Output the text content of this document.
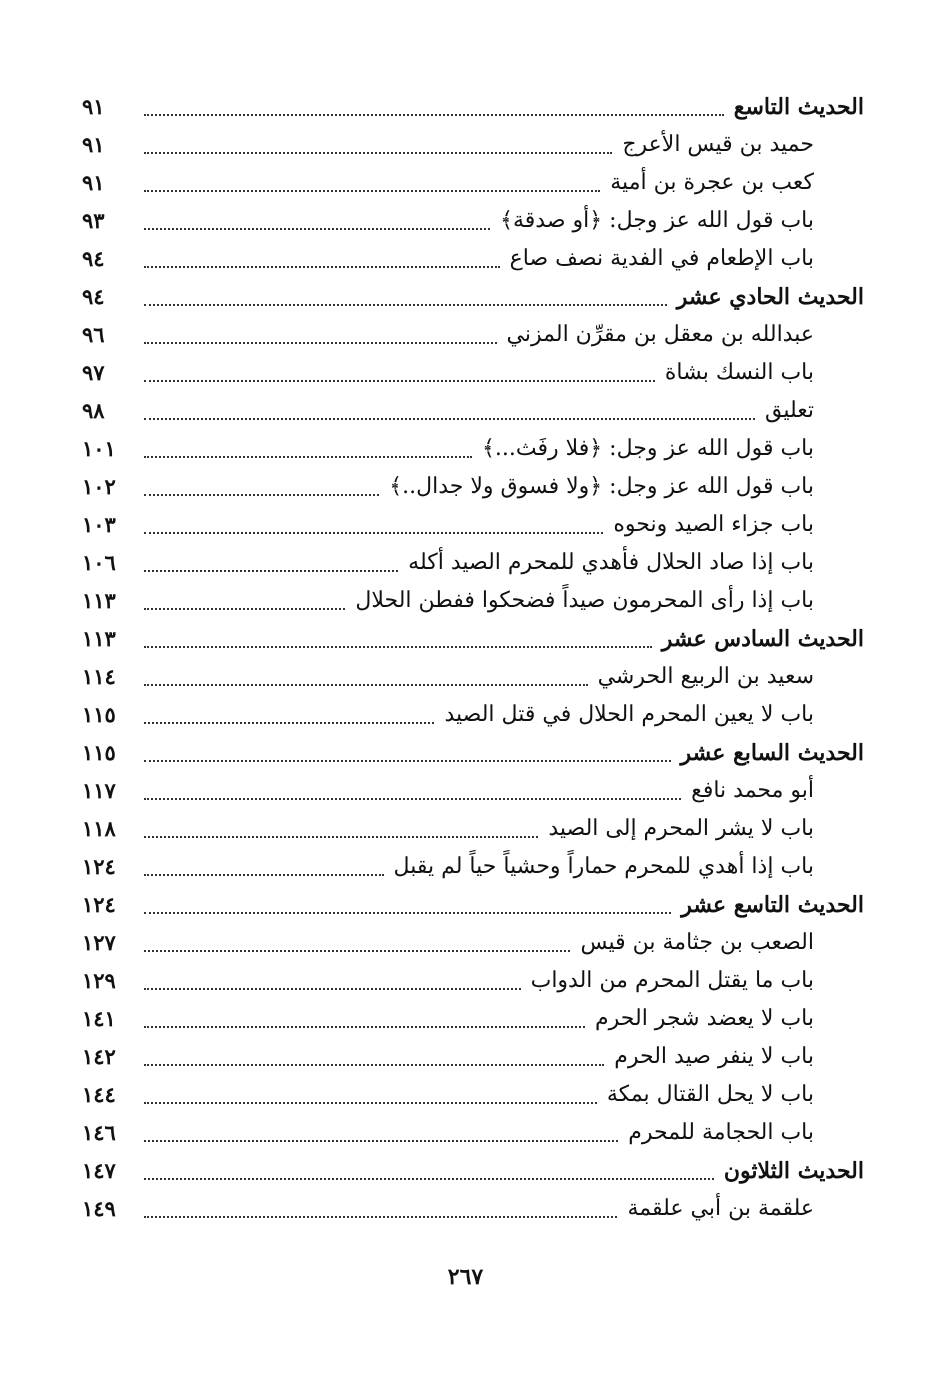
الحديث التاسع
٩١
حميد بن قيس الأعرج
٩١
كعب بن عجرة بن أمية
٩١
باب قول الله عز وجل: ﴿أو صدقة﴾
٩٣
باب الإطعام في الفدية نصف صاع
٩٤
الحديث الحادي عشر
٩٤
عبدالله بن معقل بن مقرِّن المزني
٩٦
باب النسك بشاة
٩٧
تعليق
٩٨
باب قول الله عز وجل: ﴿فلا رفَث...﴾
١٠١
باب قول الله عز وجل: ﴿ولا فسوق ولا جدال..﴾
١٠٢
باب جزاء الصيد ونحوه
١٠٣
باب إذا صاد الحلال فأهدي للمحرم الصيد أكله
١٠٦
باب إذا رأى المحرمون صيداً فضحكوا ففطن الحلال
١١٣
الحديث السادس عشر
١١٣
سعيد بن الربيع الحرشي
١١٤
باب لا يعين المحرم الحلال في قتل الصيد
١١٥
الحديث السابع عشر
١١٥
أبو محمد نافع
١١٧
باب لا يشر المحرم إلى الصيد
١١٨
باب إذا أهدي للمحرم حماراً وحشياً حياً لم يقبل
١٢٤
الحديث التاسع عشر
١٢٤
الصعب بن جثامة بن قيس
١٢٧
باب ما يقتل المحرم من الدواب
١٢٩
باب لا يعضد شجر الحرم
١٤١
باب لا ينفر صيد الحرم
١٤٢
باب لا يحل القتال بمكة
١٤٤
باب الحجامة للمحرم
١٤٦
الحديث الثلاثون
١٤٧
علقمة بن أبي علقمة
١٤٩
٢٦٧
